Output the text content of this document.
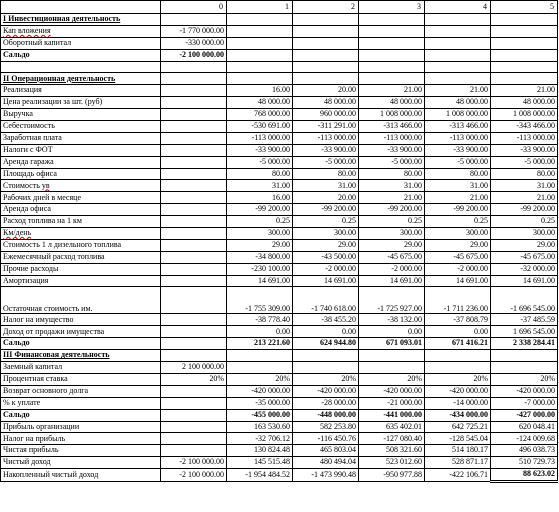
	0	1	2	3	4	5
I Инвестиционная деятельность						
Кап вложения	-1 770 000.00					
Оборотный капитал	-330 000.00					
Сальдо	-2 100 000.00					

II Операционная деятельность						
Реализация		16.00	20.00	21.00	21.00	21.00
Цена реализации за шт. (руб)		48 000.00	48 000.00	48 000.00	48 000.00	48 000.00
Выручка		768 000.00	960 000.00	1 008 000.00	1 008 000.00	1 008 000.00
Себестоимость		-530 691.00	-311 291.00	-313 466.00	-313 466.00	-343 466.00
Заработная плата		-113 000.00	-113 000.00	-113 000.00	-113 000.00	-113 000.00
Налоги с ФОТ		-33 900.00	-33 900.00	-33 900.00	-33 900.00	-33 900.00
Аренда гаража		-5 000.00	-5 000.00	-5 000.00	-5 000.00	-5 000.00
Площадь офиса		80.00	80.00	80.00	80.00	80.00
Стоимость ув		31.00	31.00	31.00	31.00	31.00
Рабочих дней в месяце		16.00	20.00	21.00	21.00	21.00
Аренда офиса		-99 200.00	-99 200.00	-99 200.00	-99 200.00	-99 200.00
Расход топлива на 1 км		0.25	0.25	0.25	0.25	0.25
Км/день		300.00	300.00	300.00	300.00	300.00
Стоимость 1 л дизельного топлива		29.00	29.00	29.00	29.00	29.00
Ежемесячный расход топлива		-34 800.00	-43 500.00	-45 675.00	-45 675.00	-45 675.00
Прочие расходы		-230 100.00	-2 000.00	-2 000.00	-2 000.00	-32 000.00
Амортизация		14 691.00	14 691.00	14 691.00	14 691.00	14 691.00
Остаточная стоимость им.		-1 755 309.00	-1 740 618.00	-1 725 927.00	-1 711 236.00	-1 696 545.00
Налог на имущество		-38 778.40	-38 455.20	-38 132.00	-37 808.79	-37 485.59
Доход от продажи имущества		0.00	0.00	0.00	0.00	1 696 545.00
Сальдо		213 221.60	624 944.80	671 093.01	671 416.21	2 338 284.41
III Финансовая деятельность						
Заемный капитал	2 100 000.00					
Процентная ставка	20%	20%	20%	20%	20%	20%
Возврат основного долга		-420 000.00	-420 000.00	-420 000.00	-420 000.00	-420 000.00
% к уплате		-35 000.00	-28 000.00	-21 000.00	-14 000.00	-7 000.00
Сальдо		-455 000.00	-448 000.00	-441 000.00	-434 000.00	-427 000.00
Прибыль организации		163 530.60	582 253.80	635 402.01	642 725.21	620 048.41
Налог на прибыль		-32 706.12	-116 450.76	-127 080.40	-128 545.04	-124 009.68
Чистая прибыль		130 824.48	465 803.04	508 321.60	514 180.17	496 038.73
Чистый доход	-2 100 000.00	145 515.48	480 494.04	523 012.60	528 871.17	510 729.73
Накопленный чистый доход	-2 100 000.00	-1 954 484.52	-1 473 990.48	-950 977.88	-422 106.71	88 623.02
